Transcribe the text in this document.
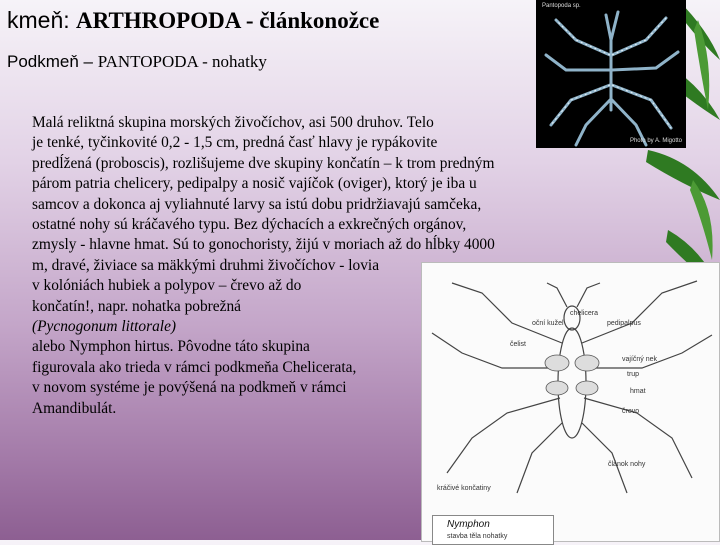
kmeň: ARTHROPODA - článkonožce
Podkmeň – PANTOPODA - nohatky
Malá reliktná skupina morských živočíchov, asi 500 druhov. Telo
je tenké, tyčinkovité 0,2 - 1,5 cm, predná časť hlavy je rypákovite
predĺžená (proboscis), rozlišujeme dve skupiny končatín – k trom predným
párom patria chelicery, pedipalpy a nosič vajíčok (oviger), ktorý je iba u
samcov a dokonca aj vyliahnuté larvy sa istú dobu pridržiavajú samčeka,
ostatné nohy sú kráčavého typu. Bez dýchacích a exkrečných orgánov,
zmysly - hlavne hmat. Sú to gonochoristy, žijú v moriach až do hĺbky 4000
m, dravé, živiace sa mäkkými druhmi živočíchov - lovia
v kolóniách hubiek a polypov – črevo až do
končatín!, napr. nohatka pobrežná
(Pycnogonum littorale)
alebo Nymphon hirtus. Pôvodne táto skupina
figurovala ako trieda v rámci podkmeňa Chelicerata,
v novom systéme je povýšená na podkmeň v rámci
Amandibulát.
Pantopoda sp.
Photo by A. Migotto
chelicera
pedipalpus
oční kužel
vajíčný nek
trup
čelist
hmat
črevo
článok nohy
kráčivé končatiny
Nymphon
stavba těla nohatky
